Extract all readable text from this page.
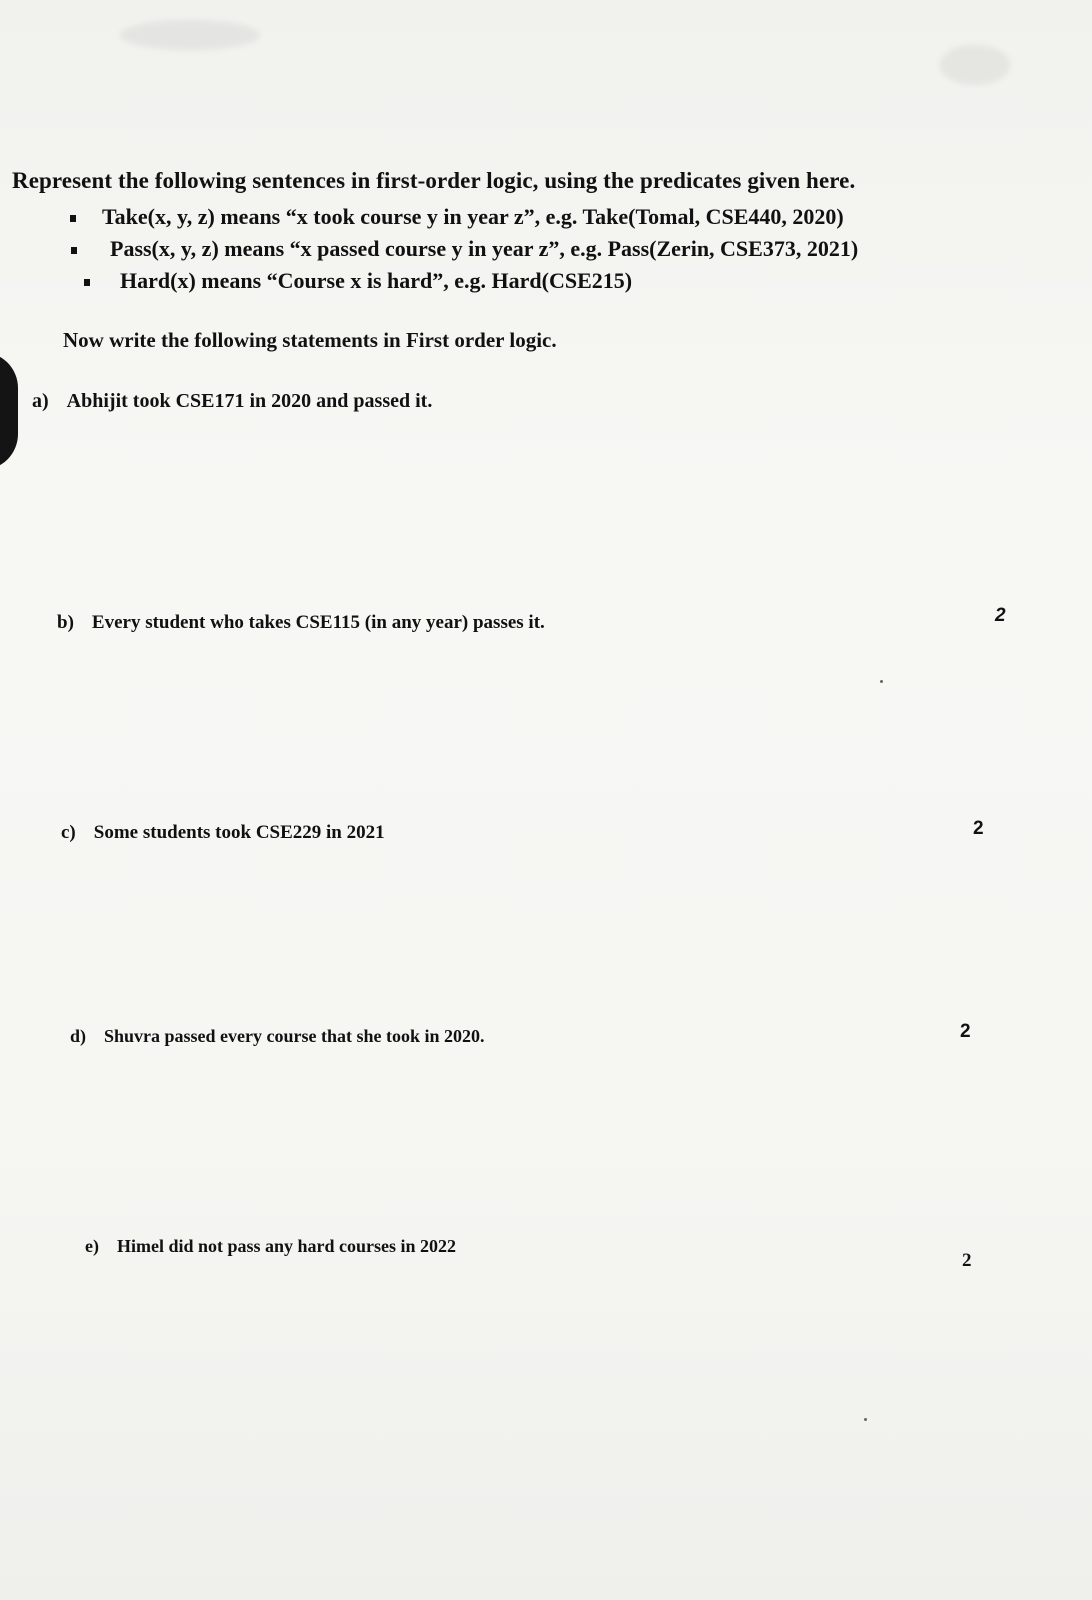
Represent the following sentences in first-order logic, using the predicates given here.
Take(x, y, z) means “x took course y in year z”, e.g. Take(Tomal, CSE440, 2020)
Pass(x, y, z) means “x passed course y in year z”, e.g. Pass(Zerin, CSE373, 2021)
Hard(x) means “Course x is hard”, e.g. Hard(CSE215)
Now write the following statements in First order logic.
a) Abhijit took CSE171 in 2020 and passed it.
b) Every student who takes CSE115 (in any year) passes it.	2
c) Some students took CSE229 in 2021	2
d) Shuvra passed every course that she took in 2020.	2
e) Himel did not pass any hard courses in 2022
2
